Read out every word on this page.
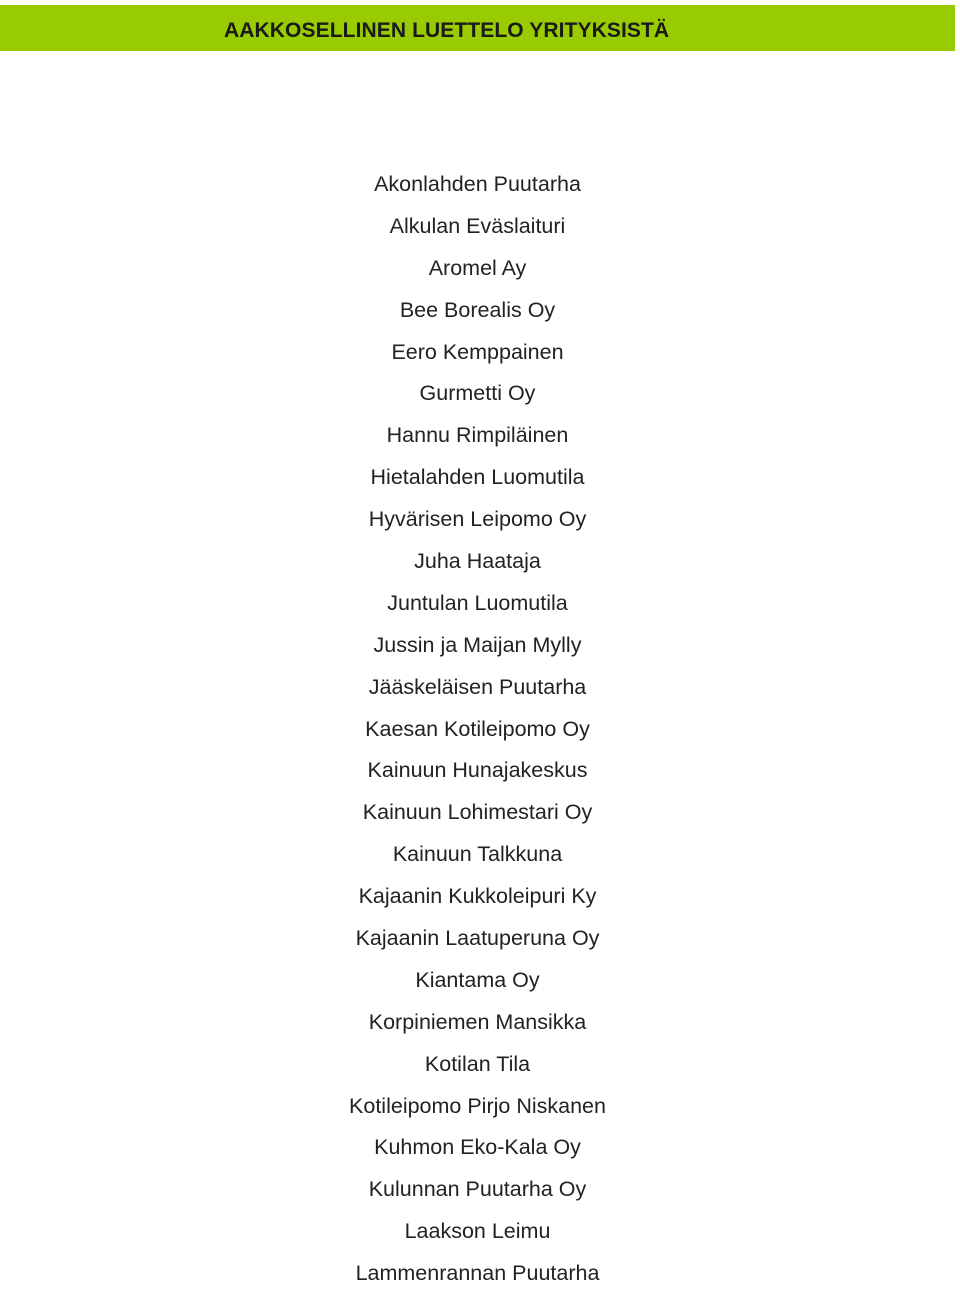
AAKKOSELLINEN LUETTELO YRITYKSISTÄ
Akonlahden Puutarha
Alkulan Eväslaituri
Aromel Ay
Bee Borealis Oy
Eero Kemppainen
Gurmetti Oy
Hannu Rimpiläinen
Hietalahden Luomutila
Hyvärisen Leipomo Oy
Juha Haataja
Juntulan Luomutila
Jussin ja Maijan Mylly
Jääskeläisen Puutarha
Kaesan Kotileipomo Oy
Kainuun Hunajakeskus
Kainuun Lohimestari Oy
Kainuun Talkkuna
Kajaanin Kukkoleipuri Ky
Kajaanin Laatuperuna Oy
Kiantama Oy
Korpiniemen Mansikka
Kotilan Tila
Kotileipomo Pirjo Niskanen
Kuhmon Eko-Kala Oy
Kulunnan Puutarha Oy
Laakson Leimu
Lammenrannan Puutarha
